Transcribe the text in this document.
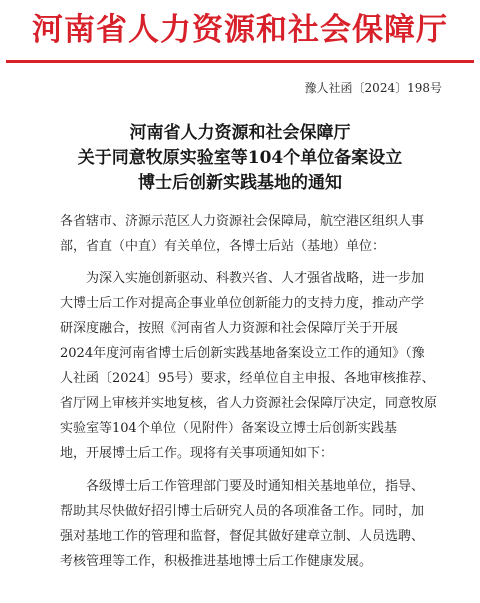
河南省人力资源和社会保障厅
豫人社函〔2024〕198号
河南省人力资源和社会保障厅
关于同意牧原实验室等104个单位备案设立
博士后创新实践基地的通知
各省辖市、济源示范区人力资源社会保障局，航空港区组织人事
部，省直（中直）有关单位，各博士后站（基地）单位：
为深入实施创新驱动、科教兴省、人才强省战略，进一步加
大博士后工作对提高企事业单位创新能力的支持力度，推动产学
研深度融合，按照《河南省人力资源和社会保障厅关于开展
2024年度河南省博士后创新实践基地备案设立工作的通知》（豫
人社函〔2024〕95号）要求，经单位自主申报、各地审核推荐、
省厅网上审核并实地复核，省人力资源社会保障厅决定，同意牧原
实验室等104个单位（见附件）备案设立博士后创新实践基
地，开展博士后工作。现将有关事项通知如下：
各级博士后工作管理部门要及时通知相关基地单位，指导、
帮助其尽快做好招引博士后研究人员的各项准备工作。同时，加
强对基地工作的管理和监督，督促其做好建章立制、人员选聘、
考核管理等工作，积极推进基地博士后工作健康发展。
